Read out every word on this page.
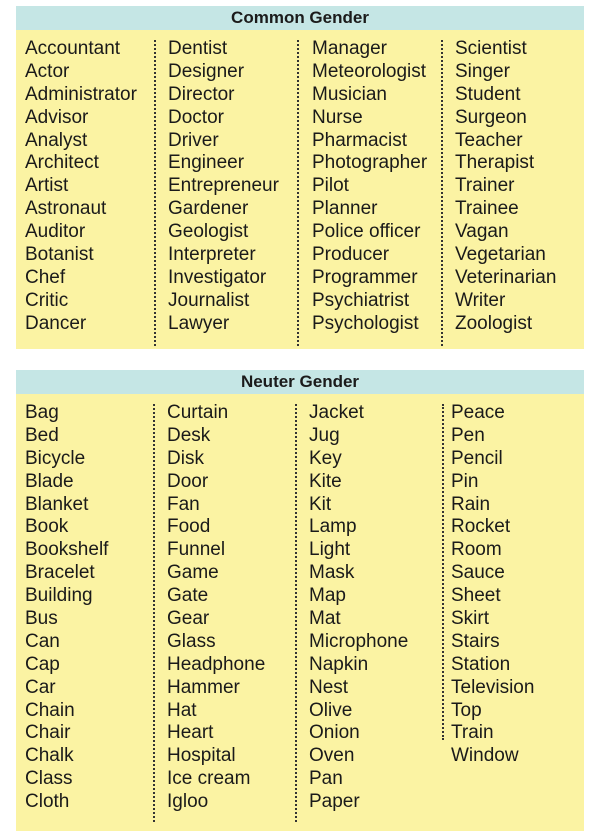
Common Gender
Accountant
Actor
Administrator
Advisor
Analyst
Architect
Artist
Astronaut
Auditor
Botanist
Chef
Critic
Dancer
Dentist
Designer
Director
Doctor
Driver
Engineer
Entrepreneur
Gardener
Geologist
Interpreter
Investigator
Journalist
Lawyer
Manager
Meteorologist
Musician
Nurse
Pharmacist
Photographer
Pilot
Planner
Police officer
Producer
Programmer
Psychiatrist
Psychologist
Scientist
Singer
Student
Surgeon
Teacher
Therapist
Trainer
Trainee
Vagan
Vegetarian
Veterinarian
Writer
Zoologist
Neuter Gender
Bag
Bed
Bicycle
Blade
Blanket
Book
Bookshelf
Bracelet
Building
Bus
Can
Cap
Car
Chain
Chair
Chalk
Class
Cloth
Curtain
Desk
Disk
Door
Fan
Food
Funnel
Game
Gate
Gear
Glass
Headphone
Hammer
Hat
Heart
Hospital
Ice cream
Igloo
Jacket
Jug
Key
Kite
Kit
Lamp
Light
Mask
Map
Mat
Microphone
Napkin
Nest
Olive
Onion
Oven
Pan
Paper
Peace
Pen
Pencil
Pin
Rain
Rocket
Room
Sauce
Sheet
Skirt
Stairs
Station
Television
Top
Train
Window
